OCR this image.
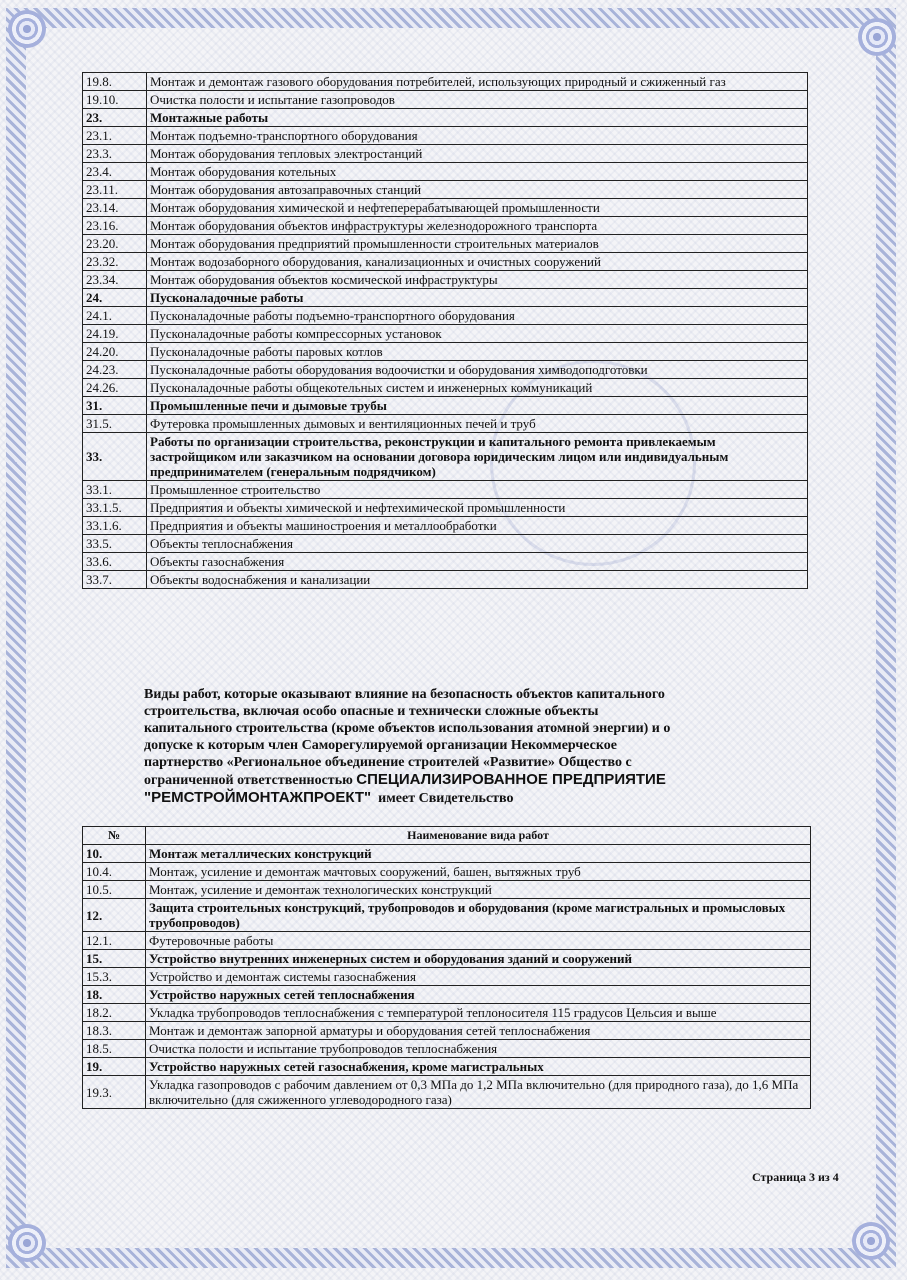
19.8.	Монтаж и демонтаж газового оборудования потребителей, использующих природный и сжиженный газ
19.10.	Очистка полости и испытание газопроводов
23.	Монтажные работы
23.1.	Монтаж подъемно-транспортного оборудования
23.3.	Монтаж оборудования тепловых электростанций
23.4.	Монтаж оборудования котельных
23.11.	Монтаж оборудования автозаправочных станций
23.14.	Монтаж оборудования химической и нефтеперерабатывающей промышленности
23.16.	Монтаж оборудования объектов инфраструктуры железнодорожного транспорта
23.20.	Монтаж оборудования предприятий промышленности строительных материалов
23.32.	Монтаж водозаборного оборудования, канализационных и очистных сооружений
23.34.	Монтаж оборудования объектов космической инфраструктуры
24.	Пусконаладочные работы
24.1.	Пусконаладочные работы подъемно-транспортного оборудования
24.19.	Пусконаладочные работы компрессорных установок
24.20.	Пусконаладочные работы паровых котлов
24.23.	Пусконаладочные работы оборудования водоочистки и оборудования химводоподготовки
24.26.	Пусконаладочные работы общекотельных систем и инженерных коммуникаций
31.	Промышленные печи и дымовые трубы
31.5.	Футеровка промышленных дымовых и вентиляционных печей и труб
33.	Работы по организации строительства, реконструкции и капитального ремонта привлекаемым застройщиком или заказчиком на основании договора юридическим лицом или индивидуальным предпринимателем (генеральным подрядчиком)
33.1.	Промышленное строительство
33.1.5.	Предприятия и объекты химической и нефтехимической промышленности
33.1.6.	Предприятия и объекты машиностроения и металлообработки
33.5.	Объекты теплоснабжения
33.6.	Объекты газоснабжения
33.7.	Объекты водоснабжения и канализации
Виды работ, которые оказывают влияние на безопасность объектов капитального
строительства, включая особо опасные и технически сложные объекты
капитального строительства (кроме объектов использования атомной энергии) и о
допуске к которым член Саморегулируемой организации Некоммерческое
партнерство «Региональное объединение строителей «Развитие» Общество с
ограниченной ответственностью СПЕЦИАЛИЗИРОВАННОЕ ПРЕДПРИЯТИЕ
"РЕМСТРОЙМОНТАЖПРОЕКТ"  имеет Свидетельство
№	Наименование вида работ
10.	Монтаж металлических конструкций
10.4.	Монтаж, усиление и демонтаж мачтовых сооружений, башен, вытяжных труб
10.5.	Монтаж, усиление и демонтаж технологических конструкций
12.	Защита строительных конструкций, трубопроводов и оборудования (кроме магистральных и промысловых трубопроводов)
12.1.	Футеровочные работы
15.	Устройство внутренних инженерных систем и оборудования зданий и сооружений
15.3.	Устройство и демонтаж системы газоснабжения
18.	Устройство наружных сетей теплоснабжения
18.2.	Укладка трубопроводов теплоснабжения с температурой теплоносителя 115 градусов Цельсия и выше
18.3.	Монтаж и демонтаж запорной арматуры и оборудования сетей теплоснабжения
18.5.	Очистка полости и испытание трубопроводов теплоснабжения
19.	Устройство наружных сетей газоснабжения, кроме магистральных
19.3.	Укладка газопроводов с рабочим давлением от 0,3 МПа до 1,2 МПа включительно (для природного газа), до 1,6 МПа включительно (для сжиженного углеводородного газа)
Страница 3 из 4
